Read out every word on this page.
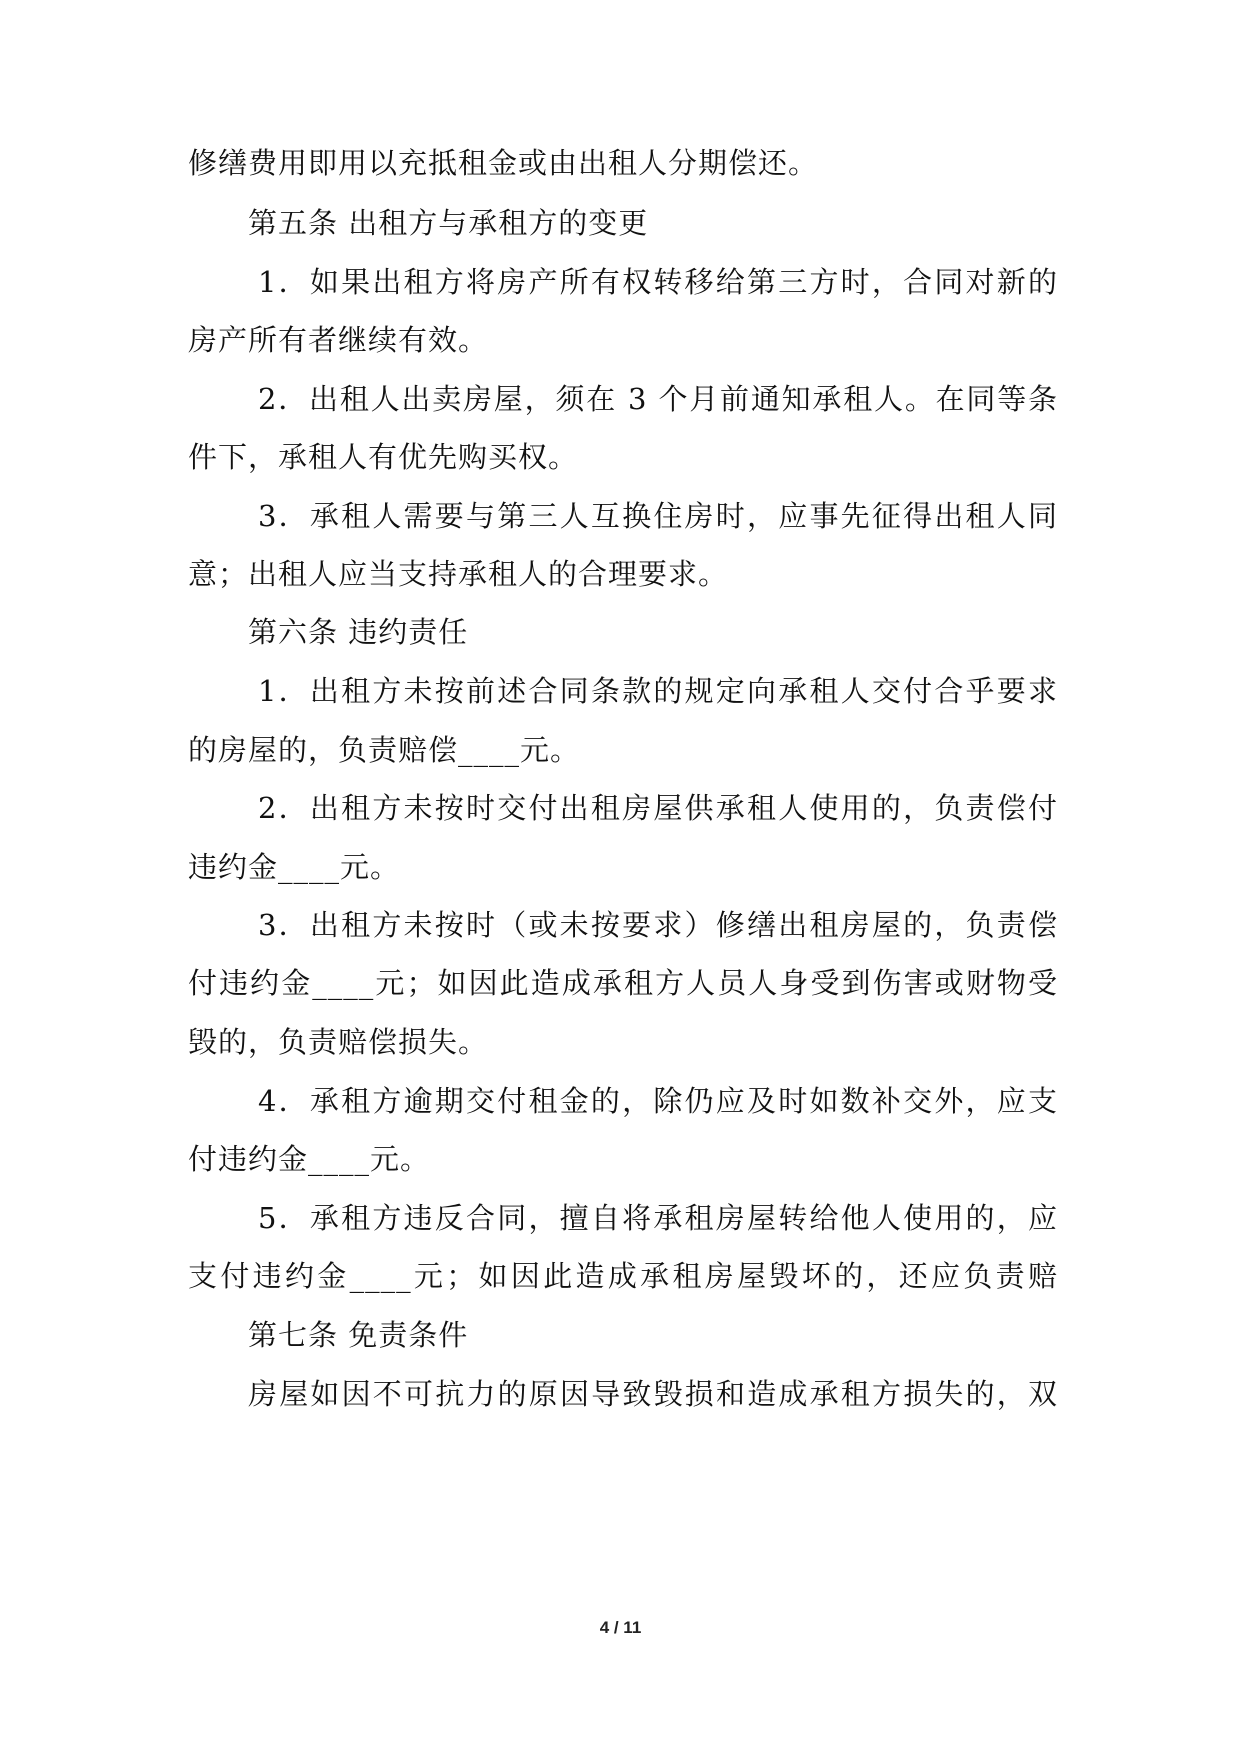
修缮费用即用以充抵租金或由出租人分期偿还。
第五条 出租方与承租方的变更
1．如果出租方将房产所有权转移给第三方时，合同对新的
房产所有者继续有效。
2．出租人出卖房屋，须在 3 个月前通知承租人。在同等条
件下，承租人有优先购买权。
3．承租人需要与第三人互换住房时，应事先征得出租人同
意；出租人应当支持承租人的合理要求。
第六条 违约责任
1．出租方未按前述合同条款的规定向承租人交付合乎要求
的房屋的，负责赔偿____元。
2．出租方未按时交付出租房屋供承租人使用的，负责偿付
违约金____元。
3．出租方未按时（或未按要求）修缮出租房屋的，负责偿
付违约金____元；如因此造成承租方人员人身受到伤害或财物受
毁的，负责赔偿损失。
4．承租方逾期交付租金的，除仍应及时如数补交外，应支
付违约金____元。
5．承租方违反合同，擅自将承租房屋转给他人使用的，应
支付违约金____元；如因此造成承租房屋毁坏的，还应负责赔
第七条 免责条件
房屋如因不可抗力的原因导致毁损和造成承租方损失的，双
4 / 11
